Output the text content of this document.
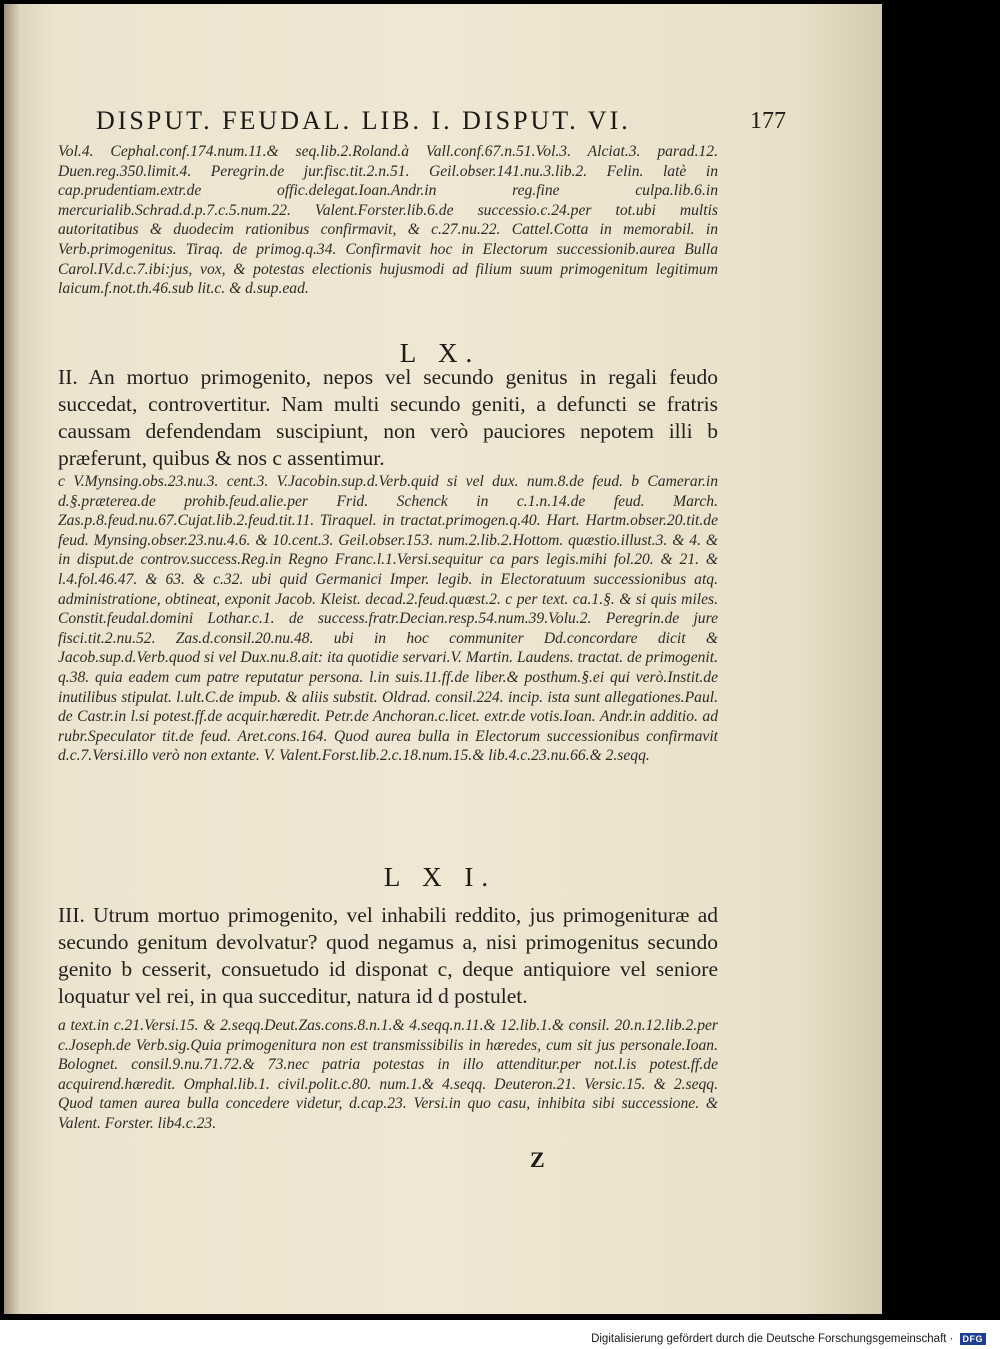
DISPUT. FEUDAL. LIB. I. DISPUT. VI.	177

Vol.4. Cephal.conf.174.num.11.& seq.lib.2.Roland.à Vall.conf.67.n.51.Vol.3. Alciat.3. parad.12. Duen.reg.350.limit.4. Peregrin.de jur.fisc.tit.2.n.51. Geil.obser.141.nu.3.lib.2. Felin. latè in cap.prudentiam.extr.de offic.delegat.Ioan.Andr.in reg.fine culpa.lib.6.in mercurialib.Schrad.d.p.7.c.5.num.22. Valent.Forster.lib.6.de successio.c.24.per tot.ubi multis autoritatibus & duodecim rationibus confirmavit, & c.27.nu.22. Cattel.Cotta in memorabil. in Verb.primogenitus. Tiraq. de primog.q.34. Confirmavit hoc in Electorum successionib.aurea Bulla Carol.IV.d.c.7.ibi:jus, vox, & potestas electionis hujusmodi ad filium suum primogenitum legitimum laicum.f.not.th.46.sub lit.c. & d.sup.ead.

L X.

II. An mortuo primogenito, nepos vel secundo genitus in regali feudo succedat, controvertitur. Nam multi secundo geniti, a defuncti se fratris caussam defendendam suscipiunt, non verò pauciores nepotem illi b præferunt, quibus & nos c assentimur.

c V.Mynsing.obs.23.nu.3. cent.3. V.Jacobin.sup.d.Verb.quid si vel dux. num.8.de feud. b Camerar.in d.§.præterea.de prohib.feud.alie.per Frid. Schenck in c.1.n.14.de feud. March. Zas.p.8.feud.nu.67.Cujat.lib.2.feud.tit.11. Tiraquel. in tractat.primogen.q.40. Hart. Hartm.obser.20.tit.de feud. Mynsing.obser.23.nu.4.6. & 10.cent.3. Geil.obser.153. num.2.lib.2.Hottom. quæstio.illust.3. & 4. & in disput.de controv.success.Reg.in Regno Franc.l.1.Versi.sequitur ca pars legis.mihi fol.20. & 21. & l.4.fol.46.47. & 63. & c.32. ubi quid Germanici Imper. legib. in Electoratuum successionibus atq. administratione, obtineat, exponit Jacob. Kleist. decad.2.feud.quæst.2. c per text. ca.1.§. & si quis miles. Constit.feudal.domini Lothar.c.1. de success.fratr.Decian.resp.54.num.39.Volu.2. Peregrin.de jure fisci.tit.2.nu.52. Zas.d.consil.20.nu.48. ubi in hoc communiter Dd.concordare dicit & Jacob.sup.d.Verb.quod si vel Dux.nu.8.ait: ita quotidie servari.V. Martin. Laudens. tractat. de primogenit. q.38. quia eadem cum patre reputatur persona. l.in suis.11.ff.de liber.& posthum.§.ei qui verò.Instit.de inutilibus stipulat. l.ult.C.de impub. & aliis substit. Oldrad. consil.224. incip. ista sunt allegationes.Paul. de Castr.in l.si potest.ff.de acquir.hæredit. Petr.de Anchoran.c.licet. extr.de votis.Ioan. Andr.in additio. ad rubr.Speculator tit.de feud. Aret.cons.164. Quod aurea bulla in Electorum successionibus confirmavit d.c.7.Versi.illo verò non extante. V. Valent.Forst.lib.2.c.18.num.15.& lib.4.c.23.nu.66.& 2.seqq.

L X I.

III. Utrum mortuo primogenito, vel inhabili reddito, jus primogenituræ ad secundo genitum devolvatur? quod negamus a, nisi primogenitus secundo genito b cesserit, consuetudo id disponat c, deque antiquiore vel seniore loquatur vel rei, in qua succeditur, natura id d postulet.

a text.in c.21.Versi.15. & 2.seqq.Deut.Zas.cons.8.n.1.& 4.seqq.n.11.& 12.lib.1.& consil. 20.n.12.lib.2.per c.Joseph.de Verb.sig.Quia primogenitura non est transmissibilis in hæredes, cum sit jus personale.Ioan. Bolognet. consil.9.nu.71.72.& 73.nec patria potestas in illo attenditur.per not.l.is potest.ff.de acquirend.hæredit. Omphal.lib.1. civil.polit.c.80. num.1.& 4.seqq. Deuteron.21. Versic.15. & 2.seqq. Quod tamen aurea bulla concedere videtur, d.cap.23. Versi.in quo casu, inhibita sibi successione. & Valent. Forster. lib4.c.23.

Z
Digitalisierung gefördert durch die Deutsche Forschungsgemeinschaft ·	DFG
